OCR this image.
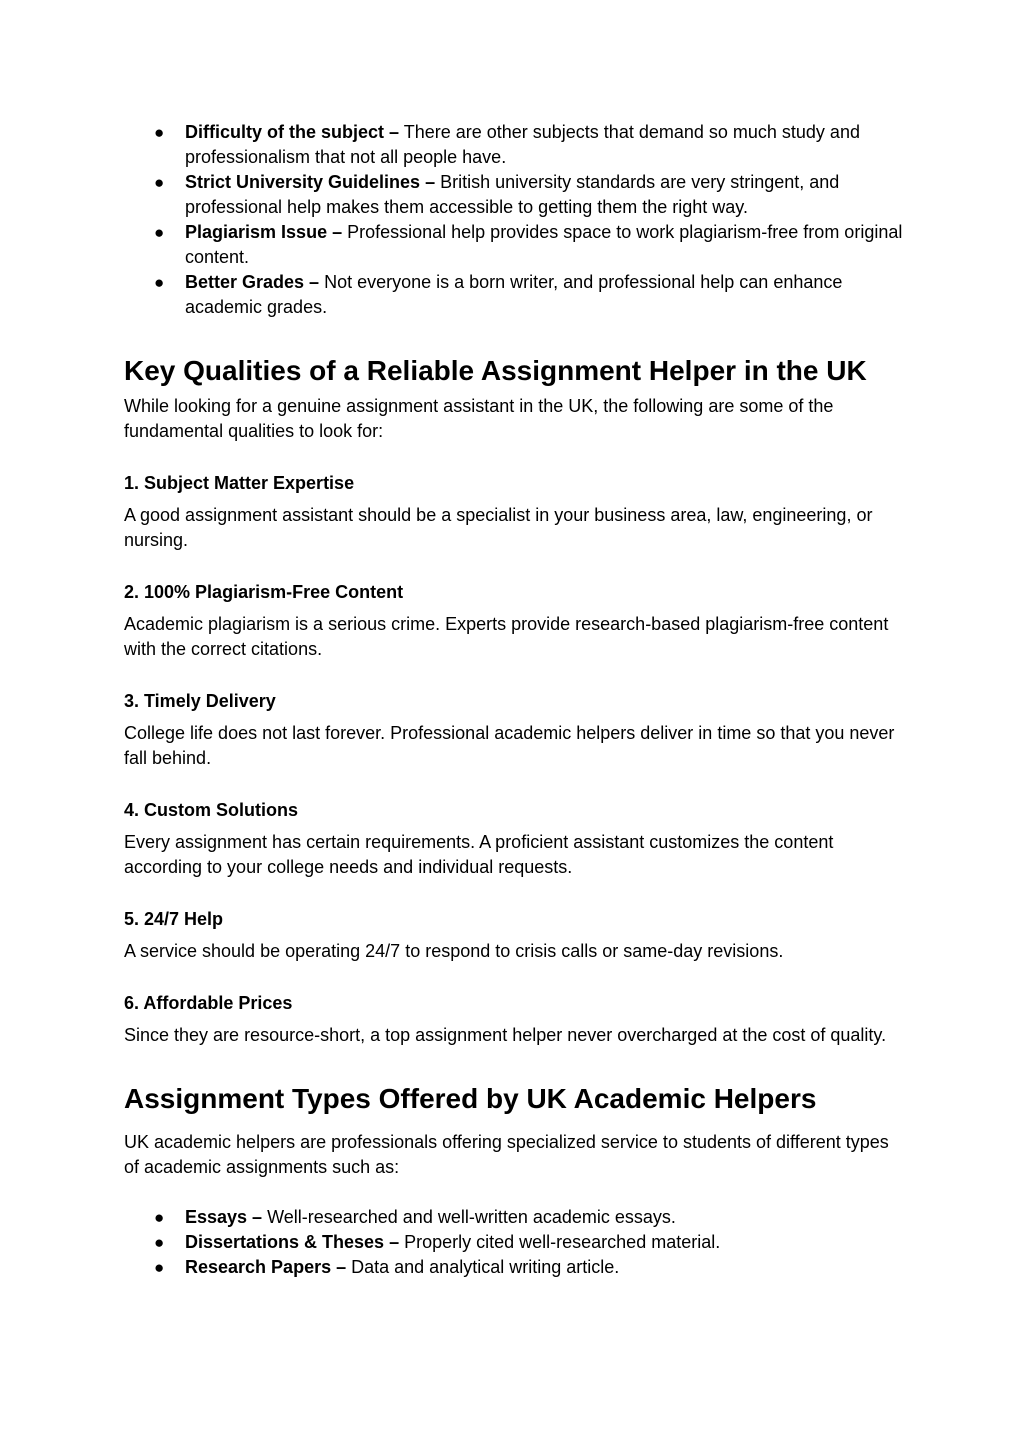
● Difficulty of the subject – There are other subjects that demand so much study and professionalism that not all people have.
● Strict University Guidelines – British university standards are very stringent, and professional help makes them accessible to getting them the right way.
● Plagiarism Issue – Professional help provides space to work plagiarism-free from original content.
● Better Grades – Not everyone is a born writer, and professional help can enhance academic grades.
Key Qualities of a Reliable Assignment Helper in the UK

While looking for a genuine assignment assistant in the UK, the following are some of the fundamental qualities to look for:

1. Subject Matter Expertise

A good assignment assistant should be a specialist in your business area, law, engineering, or nursing.

2. 100% Plagiarism-Free Content

Academic plagiarism is a serious crime. Experts provide research-based plagiarism-free content with the correct citations.

3. Timely Delivery

College life does not last forever. Professional academic helpers deliver in time so that you never fall behind.

4. Custom Solutions

Every assignment has certain requirements. A proficient assistant customizes the content according to your college needs and individual requests.

5. 24/7 Help

A service should be operating 24/7 to respond to crisis calls or same-day revisions.

6. Affordable Prices

Since they are resource-short, a top assignment helper never overcharged at the cost of quality.

Assignment Types Offered by UK Academic Helpers

UK academic helpers are professionals offering specialized service to students of different types of academic assignments such as:

● Essays – Well-researched and well-written academic essays.
● Dissertations & Theses – Properly cited well-researched material.
● Research Papers – Data and analytical writing article.
